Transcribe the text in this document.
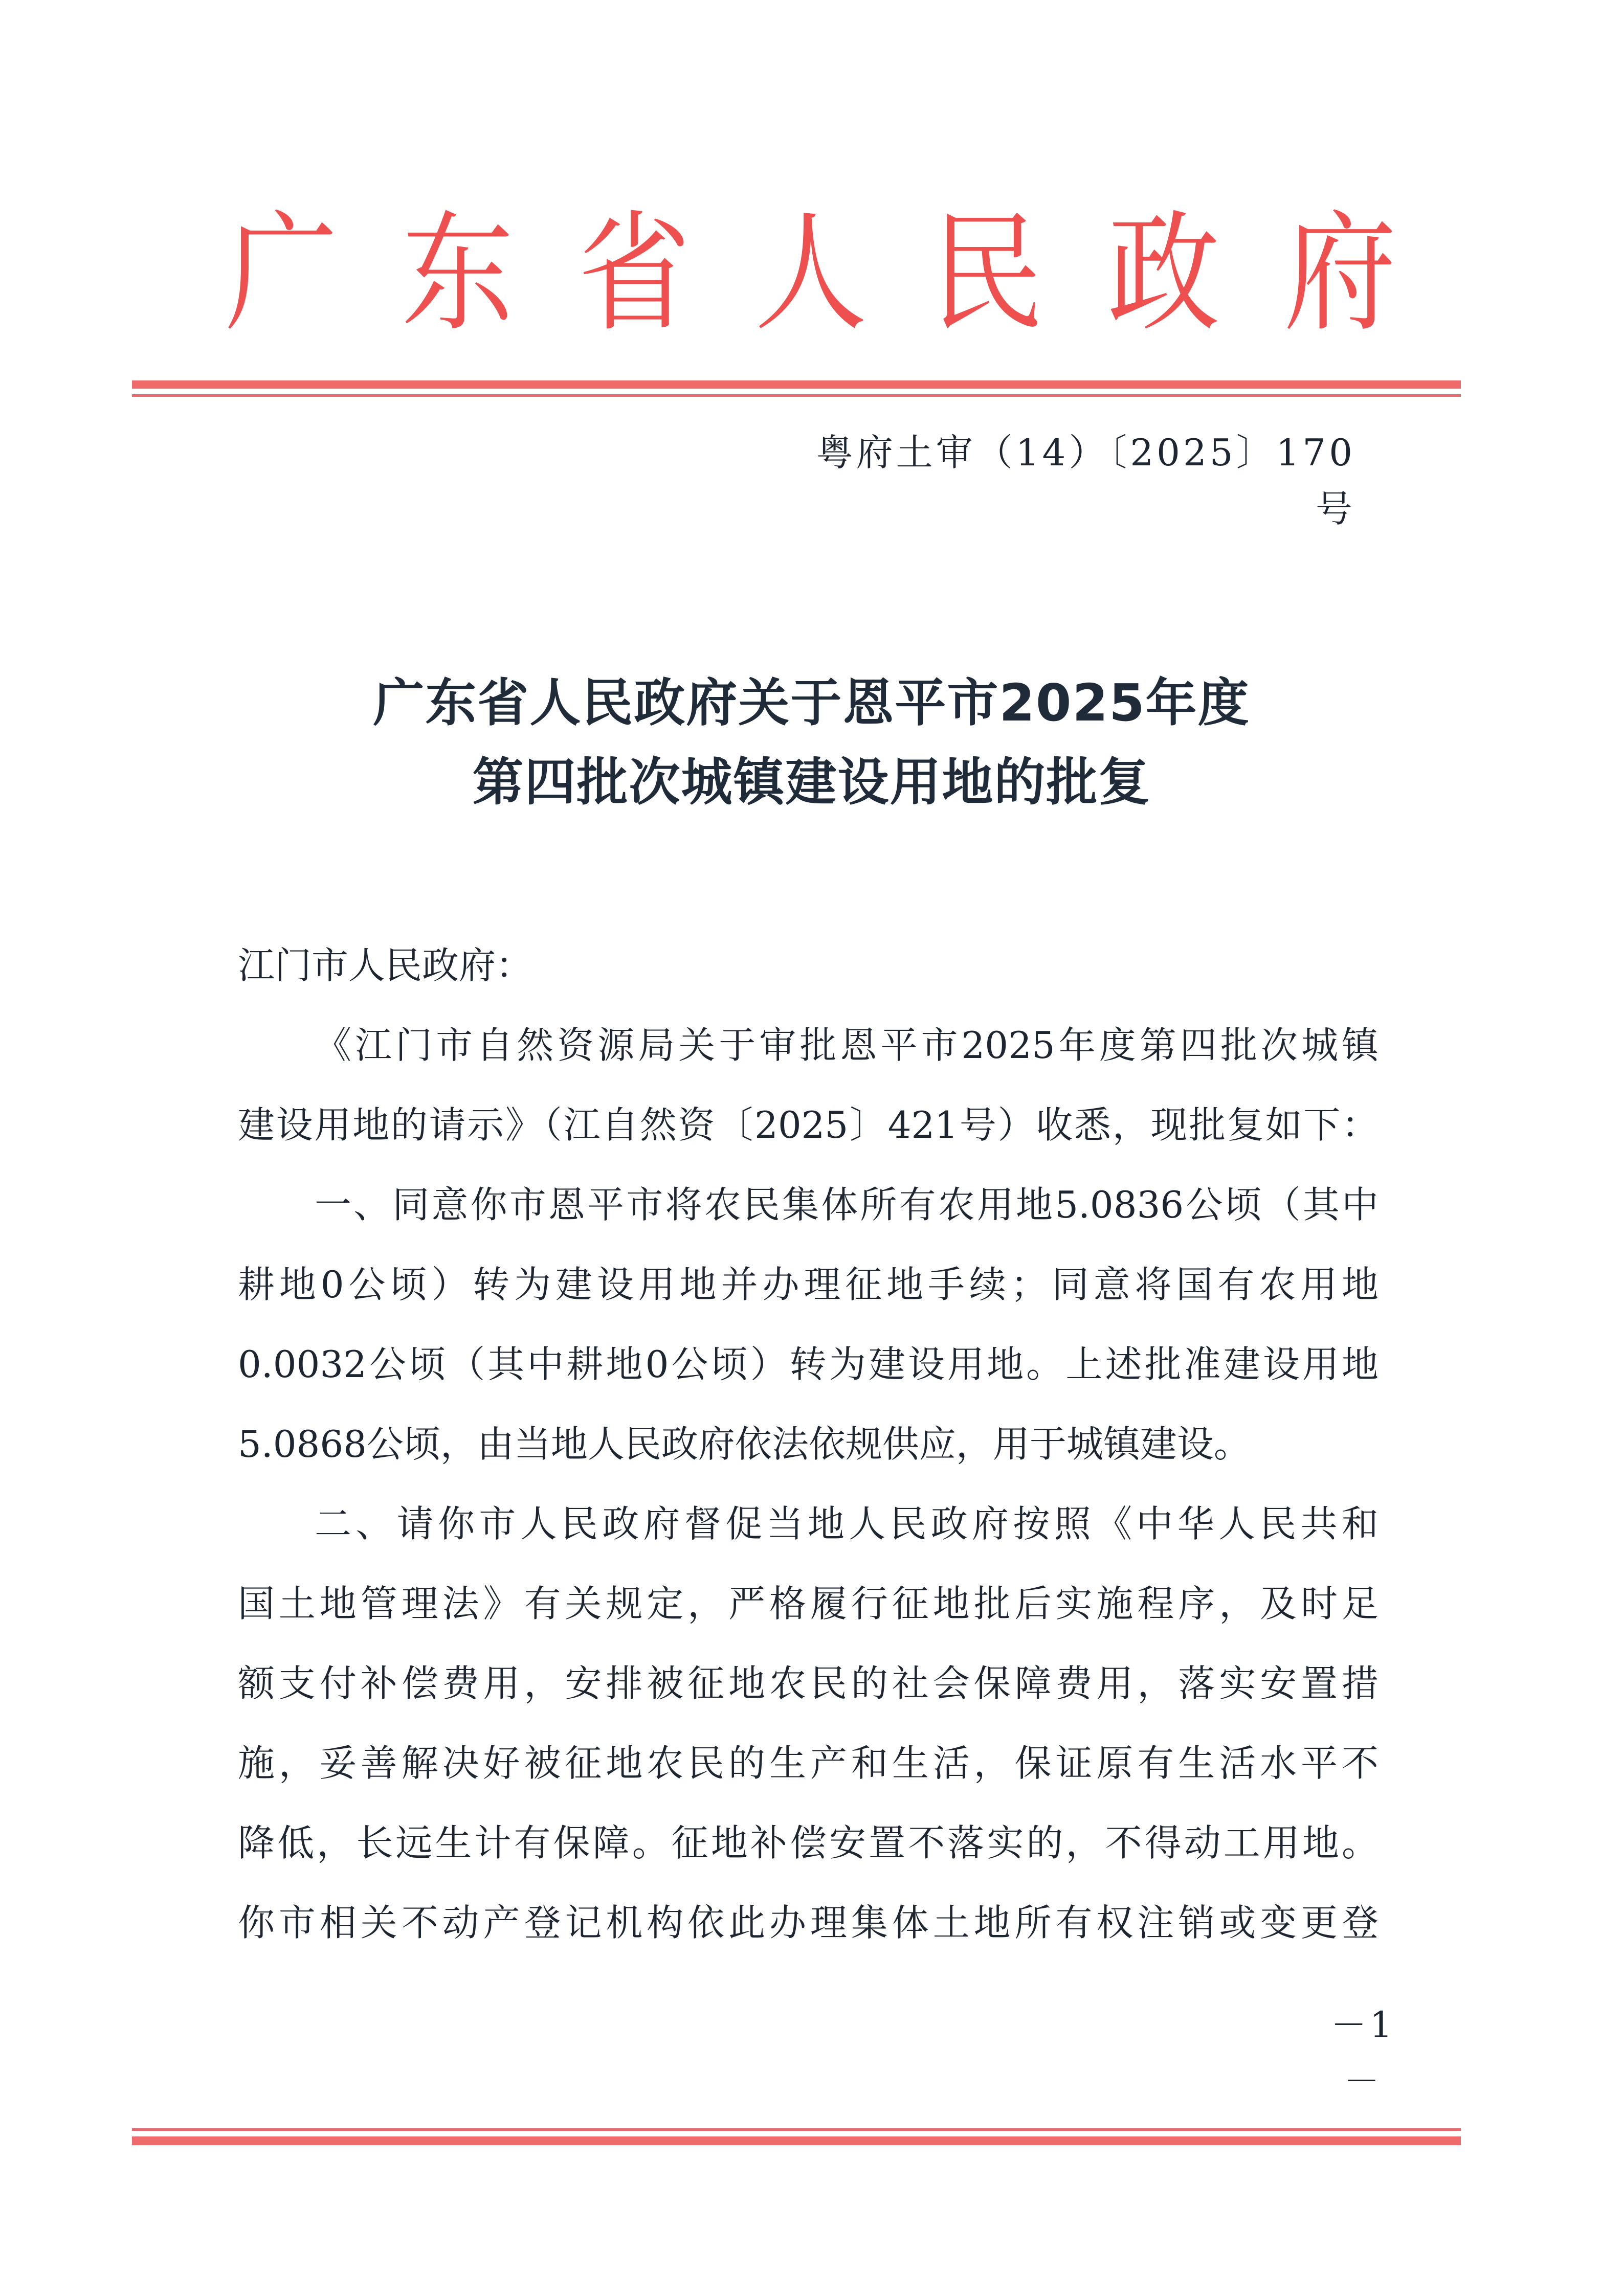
广 东 省 人 民 政 府
粤府土审（14）〔2025〕170 号
广东省人民政府关于恩平市2025年度
第四批次城镇建设用地的批复
江门市人民政府：
《江门市自然资源局关于审批恩平市2025年度第四批次城镇
建设用地的请示》（江自然资〔2025〕421号）收悉，现批复如下：
一、同意你市恩平市将农民集体所有农用地5.0836公顷（其中
耕地0公顷）转为建设用地并办理征地手续；同意将国有农用地
0.0032公顷（其中耕地0公顷）转为建设用地。上述批准建设用地
5.0868公顷，由当地人民政府依法依规供应，用于城镇建设。
二、请你市人民政府督促当地人民政府按照《中华人民共和
国土地管理法》有关规定，严格履行征地批后实施程序，及时足
额支付补偿费用，安排被征地农民的社会保障费用，落实安置措
施，妥善解决好被征地农民的生产和生活，保证原有生活水平不
降低，长远生计有保障。征地补偿安置不落实的，不得动工用地。
你市相关不动产登记机构依此办理集体土地所有权注销或变更登
－1－
